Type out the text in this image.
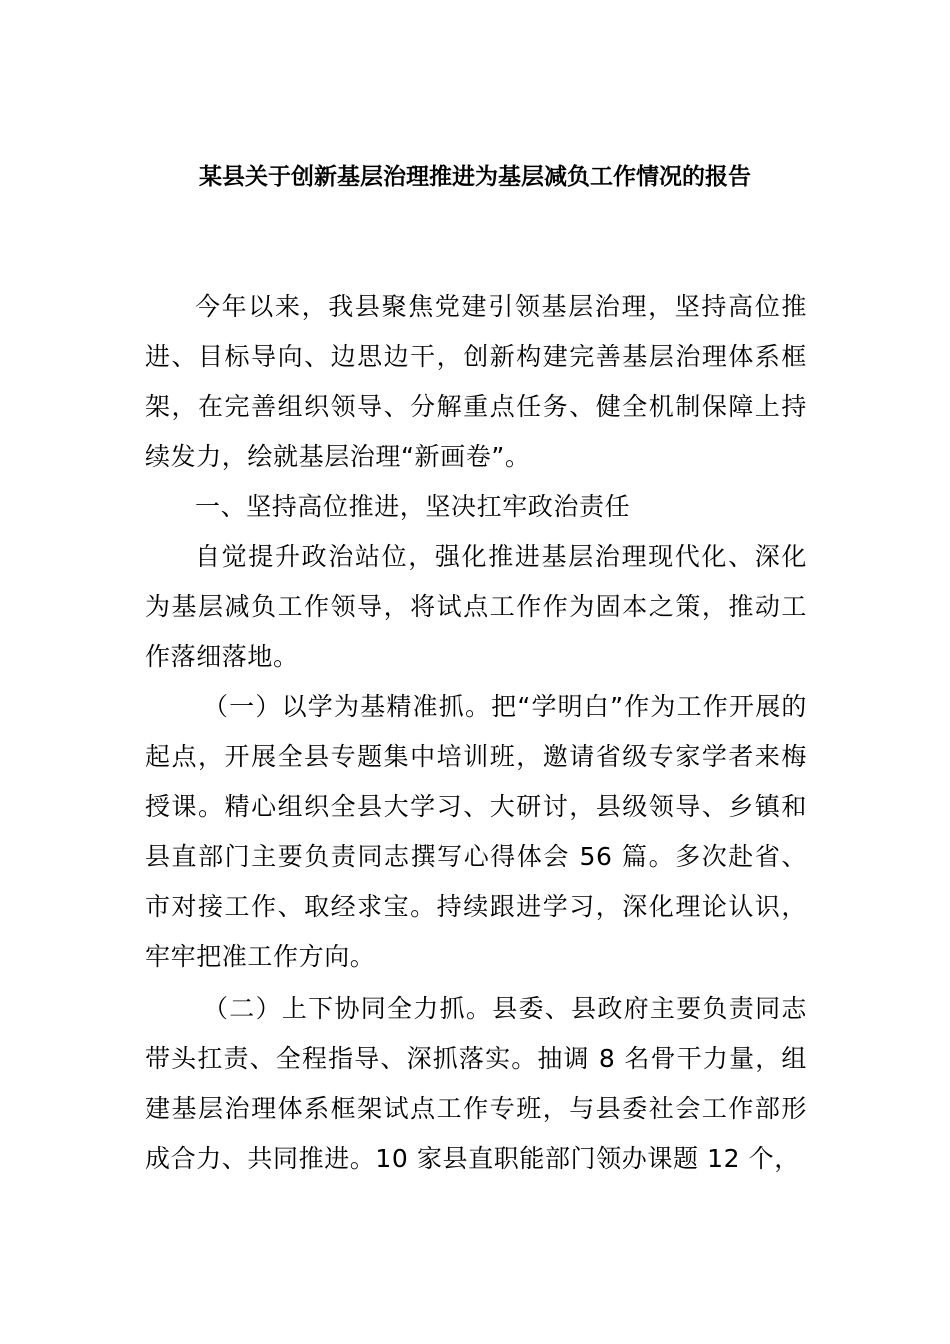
某县关于创新基层治理推进为基层减负工作情况的报告

今年以来，我县聚焦党建引领基层治理，坚持高位推进、目标导向、边思边干，创新构建完善基层治理体系框架，在完善组织领导、分解重点任务、健全机制保障上持续发力，绘就基层治理“新画卷”。

一、坚持高位推进，坚决扛牢政治责任

自觉提升政治站位，强化推进基层治理现代化、深化为基层减负工作领导，将试点工作作为固本之策，推动工作落细落地。

（一）以学为基精准抓。把“学明白”作为工作开展的起点，开展全县专题集中培训班，邀请省级专家学者来梅授课。精心组织全县大学习、大研讨，县级领导、乡镇和县直部门主要负责同志撰写心得体会 56 篇。多次赴省、市对接工作、取经求宝。持续跟进学习，深化理论认识，牢牢把准工作方向。

（二）上下协同全力抓。县委、县政府主要负责同志带头扛责、全程指导、深抓落实。抽调 8 名骨干力量，组建基层治理体系框架试点工作专班，与县委社会工作部形成合力、共同推进。10 家县直职能部门领办课题 12 个，
